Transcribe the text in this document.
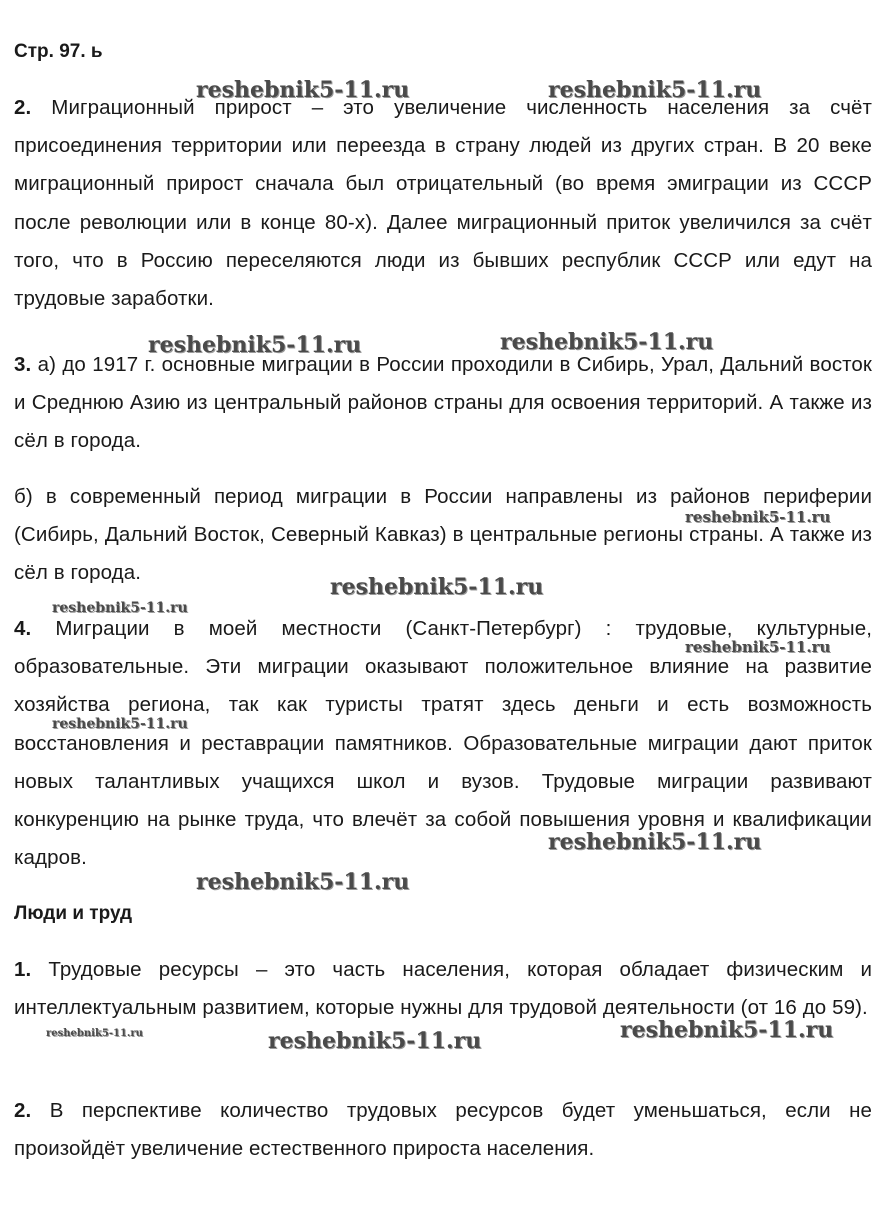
Стр. 97. ь
2. Миграционный прирост – это увеличение численность населения за счёт присоединения территории или переезда в страну людей из других стран. В 20 веке миграционный прирост сначала был отрицательный (во время эмиграции из СССР после революции или в конце 80-х). Далее миграционный приток увеличился за счёт того, что в Россию переселяются люди из бывших республик СССР или едут на трудовые заработки.
3. а) до 1917 г. основные миграции в России проходили в Сибирь, Урал, Дальний восток и Среднюю Азию из центральный районов страны для освоения территорий. А также из сёл в города.
б) в современный период миграции в России направлены из районов периферии (Сибирь, Дальний Восток, Северный Кавказ) в центральные регионы страны. А также из сёл в города.
4. Миграции в моей местности (Санкт-Петербург) : трудовые, культурные, образовательные. Эти миграции оказывают положительное влияние на развитие хозяйства региона, так как туристы тратят здесь деньги и есть возможность восстановления и реставрации памятников. Образовательные миграции дают приток новых талантливых учащихся школ и вузов. Трудовые миграции развивают конкуренцию на рынке труда, что влечёт за собой повышения уровня и квалификации кадров.
Люди и труд
1. Трудовые ресурсы – это часть населения, которая обладает физическим и интеллектуальным развитием, которые нужны для трудовой деятельности (от 16 до 59).
2. В перспективе количество трудовых ресурсов будет уменьшаться, если не произойдёт увеличение естественного прироста населения.
reshebnik5-11.ru	reshebnik5-11.ru
reshebnik5-11.ru	reshebnik5-11.ru
reshebnik5-11.ru
reshebnik5-11.ru
reshebnik5-11.ru
reshebnik5-11.ru
reshebnik5-11.ru
reshebnik5-11.ru
reshebnik5-11.ru
reshebnik5-11.ru
reshebnik5-11.ru
reshebnik5-11.ru
